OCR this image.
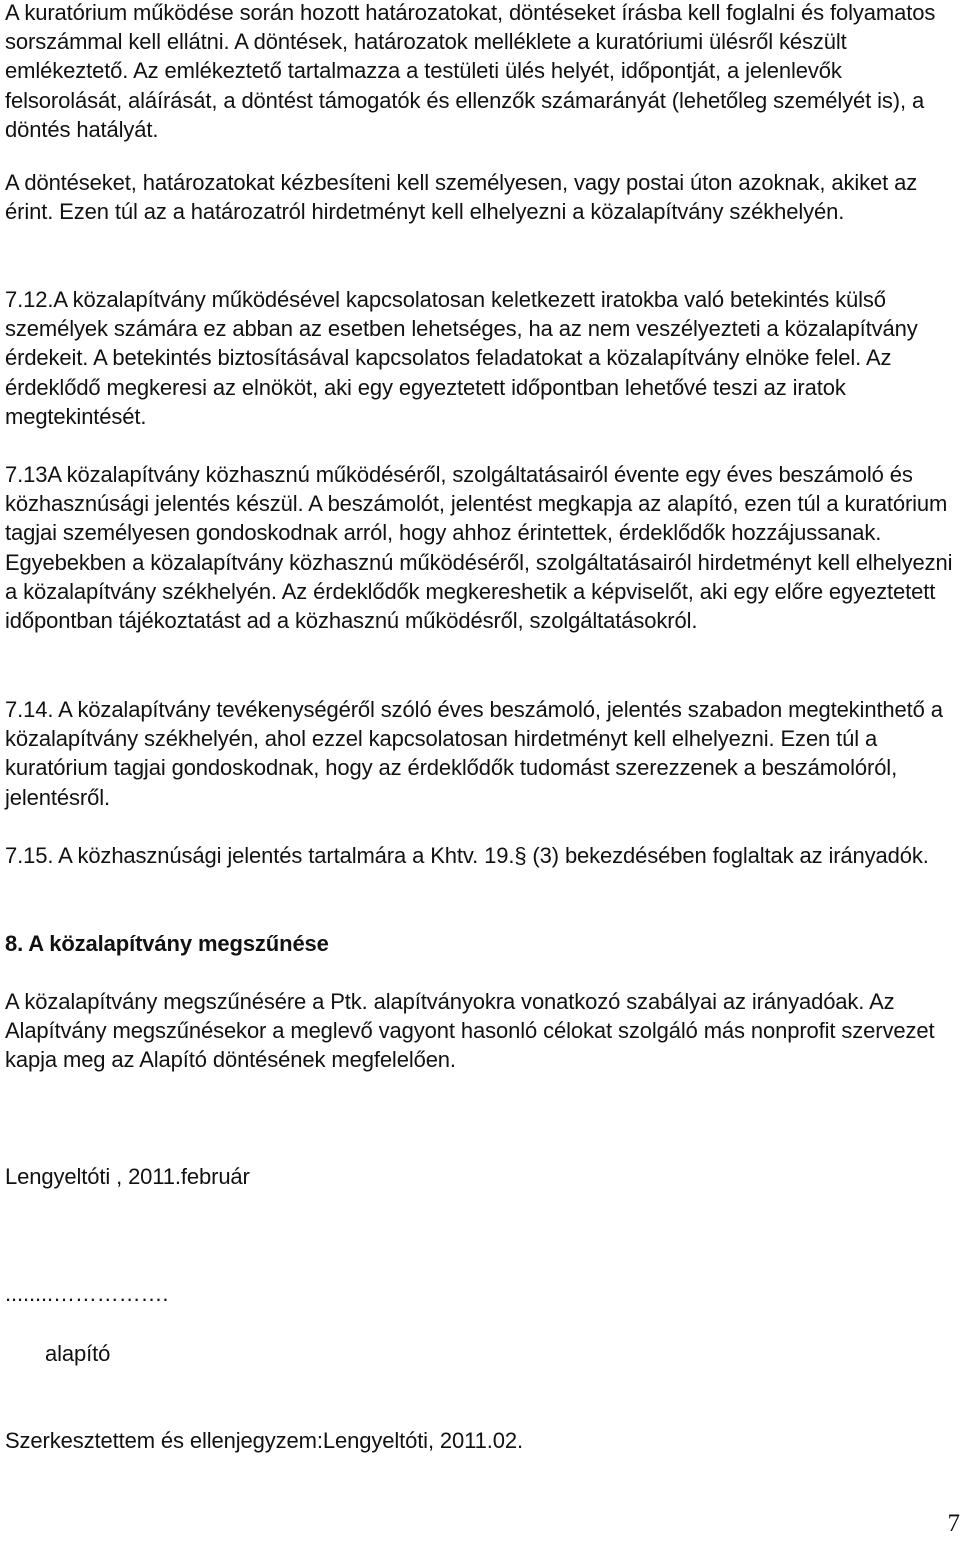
A kuratórium működése során hozott határozatokat, döntéseket írásba kell foglalni és folyamatos sorszámmal kell ellátni. A döntések, határozatok melléklete a kuratóriumi ülésről készült emlékeztető. Az emlékeztető tartalmazza a testületi ülés helyét, időpontját, a jelenlevők felsorolását, aláírását, a döntést támogatók és ellenzők számarányát (lehetőleg személyét is), a döntés hatályát.

A döntéseket, határozatokat kézbesíteni kell személyesen, vagy postai úton azoknak, akiket az érint. Ezen túl az a határozatról hirdetményt kell elhelyezni a közalapítvány székhelyén.

7.12.A közalapítvány működésével kapcsolatosan keletkezett iratokba való betekintés külső személyek számára ez abban az esetben lehetséges, ha az nem veszélyezteti a közalapítvány érdekeit. A betekintés biztosításával kapcsolatos feladatokat a közalapítvány elnöke felel. Az érdeklődő megkeresi az elnököt, aki egy egyeztetett időpontban lehetővé teszi az iratok megtekintését.

7.13A közalapítvány közhasznú működéséről, szolgáltatásairól évente egy éves beszámoló és közhasznúsági jelentés készül. A beszámolót, jelentést megkapja az alapító, ezen túl a kuratórium tagjai személyesen gondoskodnak arról, hogy ahhoz érintettek, érdeklődők hozzájussanak. Egyebekben a közalapítvány közhasznú működéséről, szolgáltatásairól hirdetményt kell elhelyezni a közalapítvány székhelyén. Az érdeklődők megkereshetik a képviselőt, aki egy előre egyeztetett időpontban tájékoztatást ad a közhasznú működésről, szolgáltatásokról.

7.14. A közalapítvány tevékenységéről szóló éves beszámoló, jelentés szabadon megtekinthető a közalapítvány székhelyén, ahol ezzel kapcsolatosan hirdetményt kell elhelyezni. Ezen túl a kuratórium tagjai gondoskodnak, hogy az érdeklődők tudomást szerezzenek a beszámolóról, jelentésről.

7.15. A közhasznúsági jelentés tartalmára a Khtv. 19.§ (3) bekezdésében foglaltak az irányadók.

8. A közalapítvány megszűnése

A közalapítvány megszűnésére a Ptk. alapítványokra vonatkozó szabályai az irányadóak. Az Alapítvány megszűnésekor a meglevő vagyont hasonló célokat szolgáló más nonprofit szervezet kapja meg az Alapító döntésének megfelelően.

Lengyeltóti , 2011.február

........…………….

alapító

Szerkesztettem és ellenjegyzem:Lengyeltóti, 2011.02.

7
